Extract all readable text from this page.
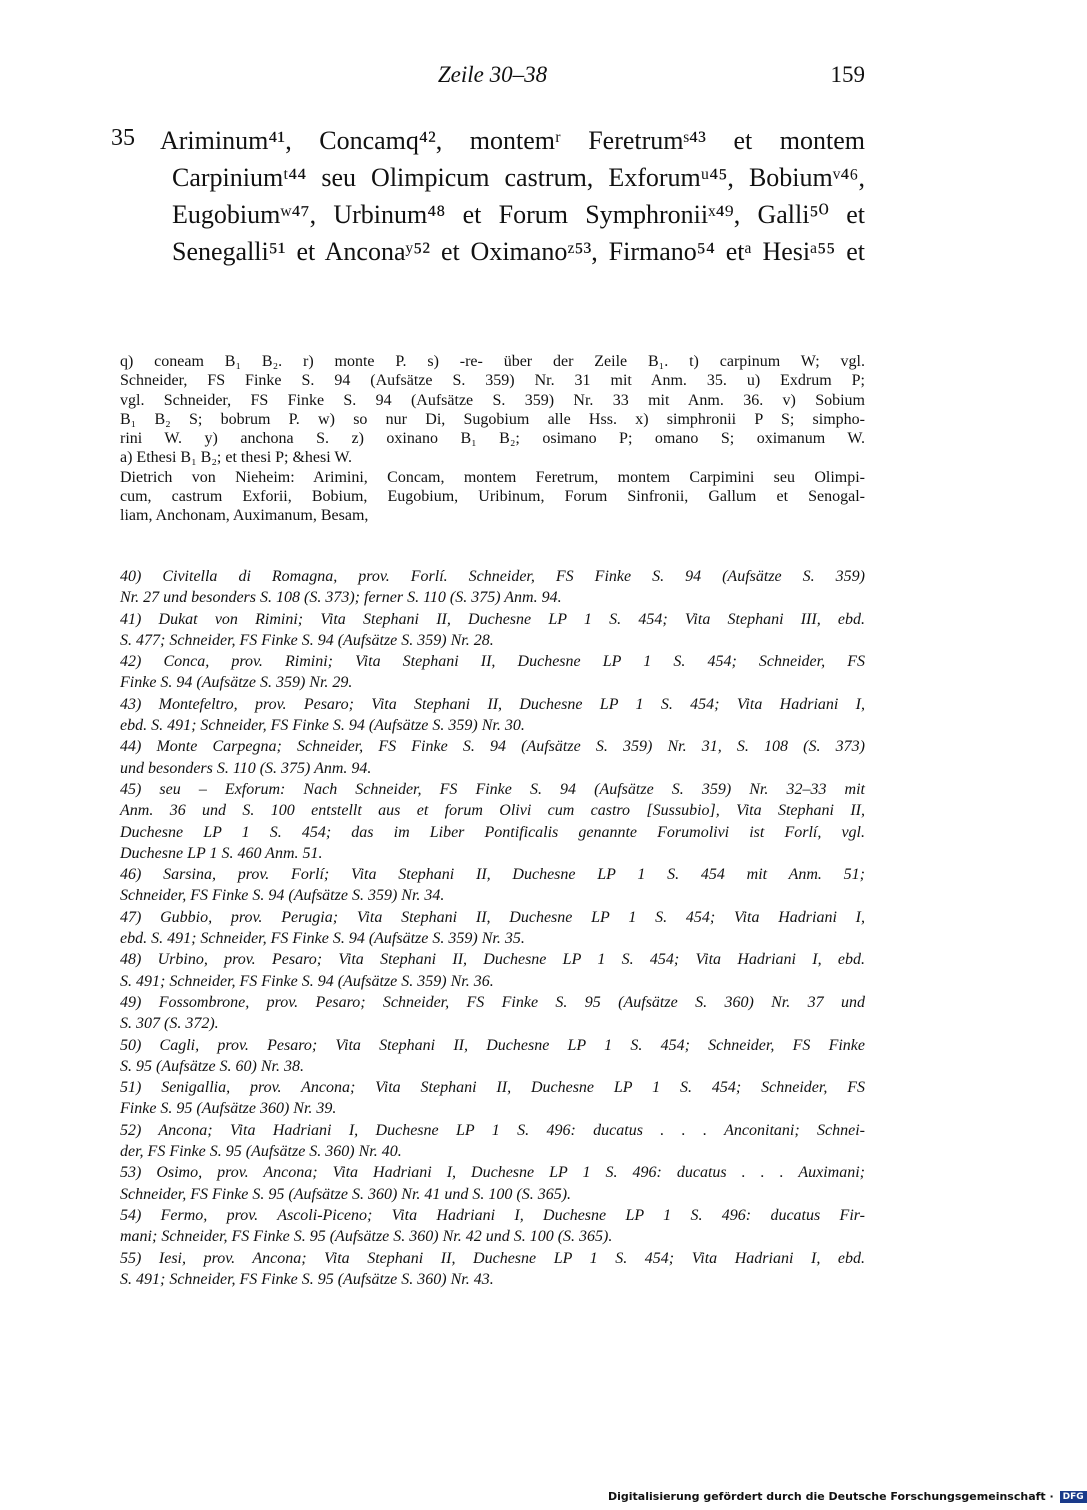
Zeile 30–38	159
35 Ariminum⁴¹, Concamq⁴², montemʳ Feretrumˢ⁴³ et montem
Carpiniumᵗ⁴⁴ seu Olimpicum castrum, Exforumᵘ⁴⁵, Bobiumᵛ⁴⁶,
Eugobiumʷ⁴⁷, Urbinum⁴⁸ et Forum Symphroniiˣ⁴⁹, Galli⁵⁰ et
Senegalli⁵¹ et Anconaʸ⁵² et Oximanoᶻ⁵³, Firmano⁵⁴ etᵃ Hesiᵃ⁵⁵ et
q) coneam B₁ B₂. r) monte P. s) -re- über der Zeile B₁. t) carpinum W; vgl.
Schneider, FS Finke S. 94 (Aufsätze S. 359) Nr. 31 mit Anm. 35. u) Exdrum P;
vgl. Schneider, FS Finke S. 94 (Aufsätze S. 359) Nr. 33 mit Anm. 36. v) Sobium
B₁ B₂ S; bobrum P. w) so nur Di, Sugobium alle Hss. x) simphronii P S; simpho-
rini W. y) anchona S. z) oxinano B₁ B₂; osimano P; omano S; oximanum W.
a) Ethesi B₁ B₂; et thesi P; &hesi W.
Dietrich von Nieheim: Arimini, Concam, montem Feretrum, montem Carpimini seu Olimpi-
cum, castrum Exforii, Bobium, Eugobium, Uribinum, Forum Sinfronii, Gallum et Senogal-
liam, Anchonam, Auximanum, Besam,
40) Civitella di Romagna, prov. Forlí. Schneider, FS Finke S. 94 (Aufsätze S. 359)
Nr. 27 und besonders S. 108 (S. 373); ferner S. 110 (S. 375) Anm. 94.
41) Dukat von Rimini; Vita Stephani II, Duchesne LP 1 S. 454; Vita Stephani III, ebd.
S. 477; Schneider, FS Finke S. 94 (Aufsätze S. 359) Nr. 28.
42) Conca, prov. Rimini; Vita Stephani II, Duchesne LP 1 S. 454; Schneider, FS
Finke S. 94 (Aufsätze S. 359) Nr. 29.
43) Montefeltro, prov. Pesaro; Vita Stephani II, Duchesne LP 1 S. 454; Vita Hadriani I,
ebd. S. 491; Schneider, FS Finke S. 94 (Aufsätze S. 359) Nr. 30.
44) Monte Carpegna; Schneider, FS Finke S. 94 (Aufsätze S. 359) Nr. 31, S. 108 (S. 373)
und besonders S. 110 (S. 375) Anm. 94.
45) seu – Exforum: Nach Schneider, FS Finke S. 94 (Aufsätze S. 359) Nr. 32–33 mit
Anm. 36 und S. 100 entstellt aus et forum Olivi cum castro [Sussubio], Vita Stephani II,
Duchesne LP 1 S. 454; das im Liber Pontificalis genannte Forumolivi ist Forlí, vgl.
Duchesne LP 1 S. 460 Anm. 51.
46) Sarsina, prov. Forlí; Vita Stephani II, Duchesne LP 1 S. 454 mit Anm. 51;
Schneider, FS Finke S. 94 (Aufsätze S. 359) Nr. 34.
47) Gubbio, prov. Perugia; Vita Stephani II, Duchesne LP 1 S. 454; Vita Hadriani I,
ebd. S. 491; Schneider, FS Finke S. 94 (Aufsätze S. 359) Nr. 35.
48) Urbino, prov. Pesaro; Vita Stephani II, Duchesne LP 1 S. 454; Vita Hadriani I, ebd.
S. 491; Schneider, FS Finke S. 94 (Aufsätze S. 359) Nr. 36.
49) Fossombrone, prov. Pesaro; Schneider, FS Finke S. 95 (Aufsätze S. 360) Nr. 37 und
S. 307 (S. 372).
50) Cagli, prov. Pesaro; Vita Stephani II, Duchesne LP 1 S. 454; Schneider, FS Finke
S. 95 (Aufsätze S. 60) Nr. 38.
51) Senigallia, prov. Ancona; Vita Stephani II, Duchesne LP 1 S. 454; Schneider, FS
Finke S. 95 (Aufsätze 360) Nr. 39.
52) Ancona; Vita Hadriani I, Duchesne LP 1 S. 496: ducatus . . . Anconitani; Schnei-
der, FS Finke S. 95 (Aufsätze S. 360) Nr. 40.
53) Osimo, prov. Ancona; Vita Hadriani I, Duchesne LP 1 S. 496: ducatus . . . Auximani;
Schneider, FS Finke S. 95 (Aufsätze S. 360) Nr. 41 und S. 100 (S. 365).
54) Fermo, prov. Ascoli-Piceno; Vita Hadriani I, Duchesne LP 1 S. 496: ducatus Fir-
mani; Schneider, FS Finke S. 95 (Aufsätze S. 360) Nr. 42 und S. 100 (S. 365).
55) Iesi, prov. Ancona; Vita Stephani II, Duchesne LP 1 S. 454; Vita Hadriani I, ebd.
S. 491; Schneider, FS Finke S. 95 (Aufsätze S. 360) Nr. 43.
Digitalisierung gefördert durch die Deutsche Forschungsgemeinschaft ·	DFG
